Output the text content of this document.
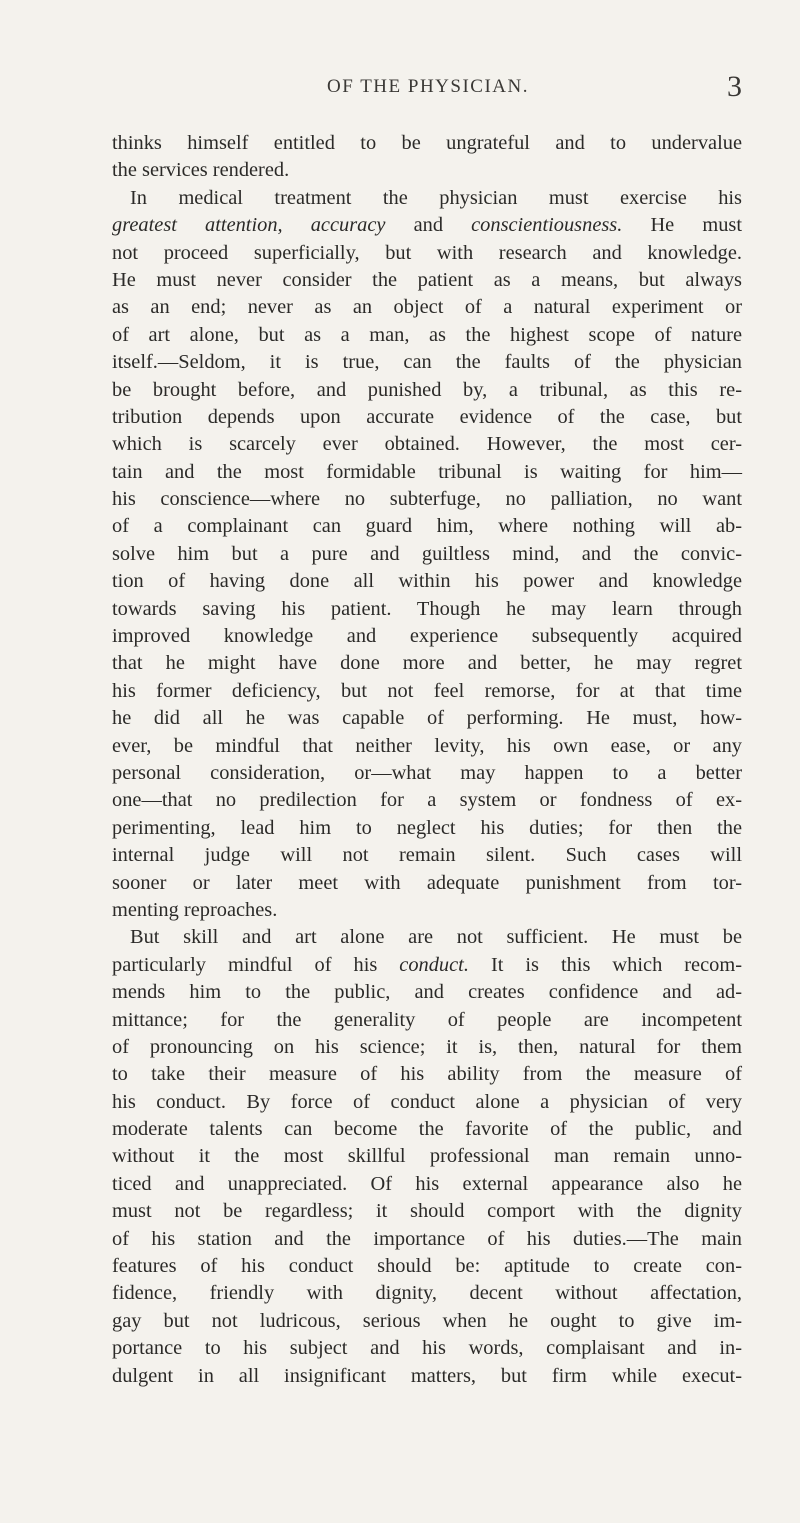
OF THE PHYSICIAN.	3
thinks himself entitled to be ungrateful and to undervalue
the services rendered.
In medical treatment the physician must exercise his
greatest attention, accuracy and conscientiousness. He must
not proceed superficially, but with research and knowledge.
He must never consider the patient as a means, but always
as an end; never as an object of a natural experiment or
of art alone, but as a man, as the highest scope of nature
itself.—Seldom, it is true, can the faults of the physician
be brought before, and punished by, a tribunal, as this re-
tribution depends upon accurate evidence of the case, but
which is scarcely ever obtained. However, the most cer-
tain and the most formidable tribunal is waiting for him—
his conscience—where no subterfuge, no palliation, no want
of a complainant can guard him, where nothing will ab-
solve him but a pure and guiltless mind, and the convic-
tion of having done all within his power and knowledge
towards saving his patient. Though he may learn through
improved knowledge and experience subsequently acquired
that he might have done more and better, he may regret
his former deficiency, but not feel remorse, for at that time
he did all he was capable of performing. He must, how-
ever, be mindful that neither levity, his own ease, or any
personal consideration, or—what may happen to a better
one—that no predilection for a system or fondness of ex-
perimenting, lead him to neglect his duties; for then the
internal judge will not remain silent. Such cases will
sooner or later meet with adequate punishment from tor-
menting reproaches.
But skill and art alone are not sufficient. He must be
particularly mindful of his conduct. It is this which recom-
mends him to the public, and creates confidence and ad-
mittance; for the generality of people are incompetent
of pronouncing on his science; it is, then, natural for them
to take their measure of his ability from the measure of
his conduct. By force of conduct alone a physician of very
moderate talents can become the favorite of the public, and
without it the most skillful professional man remain unno-
ticed and unappreciated. Of his external appearance also he
must not be regardless; it should comport with the dignity
of his station and the importance of his duties.—The main
features of his conduct should be: aptitude to create con-
fidence, friendly with dignity, decent without affectation,
gay but not ludricous, serious when he ought to give im-
portance to his subject and his words, complaisant and in-
dulgent in all insignificant matters, but firm while execut-
